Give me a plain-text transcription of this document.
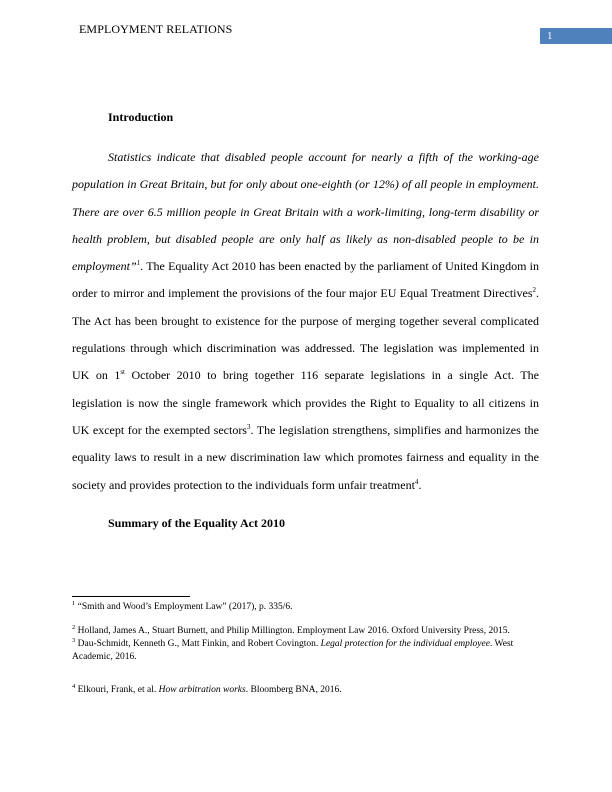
EMPLOYMENT RELATIONS	1
Introduction
Statistics indicate that disabled people account for nearly a fifth of the working-age population in Great Britain, but for only about one-eighth (or 12%) of all people in employment. There are over 6.5 million people in Great Britain with a work-limiting, long-term disability or health problem, but disabled people are only half as likely as non-disabled people to be in employment”$^1$. The Equality Act 2010 has been enacted by the parliament of United Kingdom in order to mirror and implement the provisions of the four major EU Equal Treatment Directives$^2$. The Act has been brought to existence for the purpose of merging together several complicated regulations through which discrimination was addressed. The legislation was implemented in UK on 1st October 2010 to bring together 116 separate legislations in a single Act. The legislation is now the single framework which provides the Right to Equality to all citizens in UK except for the exempted sectors$^3$. The legislation strengthens, simplifies and harmonizes the equality laws to result in a new discrimination law which promotes fairness and equality in the society and provides protection to the individuals form unfair treatment$^4$.
Summary of the Equality Act 2010
$^1$ “Smith and Wood’s Employment Law” (2017), p. 335/6.
$^2$ Holland, James A., Stuart Burnett, and Philip Millington. Employment Law 2016. Oxford University Press, 2015.
$^3$ Dau-Schmidt, Kenneth G., Matt Finkin, and Robert Covington. Legal protection for the individual employee. West Academic, 2016.
$^4$ Elkouri, Frank, et al. How arbitration works. Bloomberg BNA, 2016.
